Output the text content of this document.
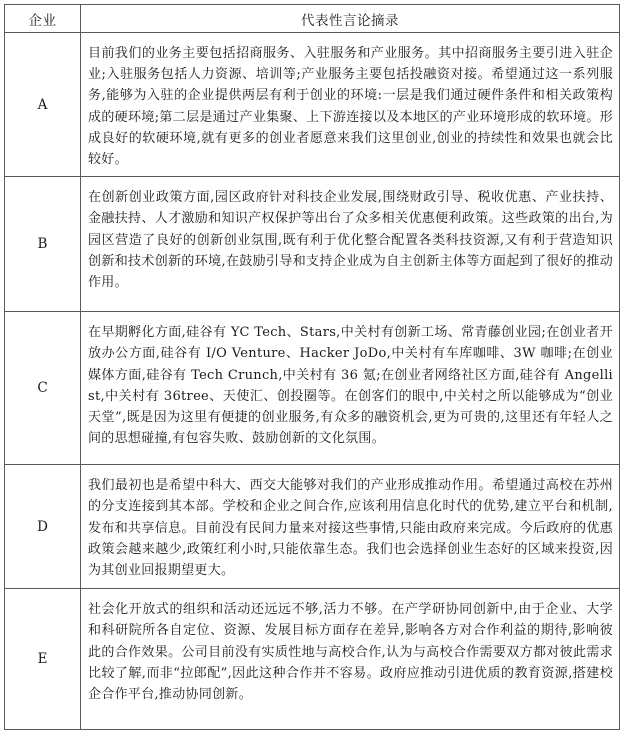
企业	代表性言论摘录
A	目前我们的业务主要包括招商服务、入驻服务和产业服务。其中招商服务主要引进入驻企业;入驻服务包括人力资源、培训等;产业服务主要包括投融资对接。希望通过这一系列服务,能够为入驻的企业提供两层有利于创业的环境:一层是我们通过硬件条件和相关政策构成的硬环境;第二层是通过产业集聚、上下游连接以及本地区的产业环境形成的软环境。形成良好的软硬环境,就有更多的创业者愿意来我们这里创业,创业的持续性和效果也就会比较好。
B	在创新创业政策方面,园区政府针对科技企业发展,围绕财政引导、税收优惠、产业扶持、金融扶持、人才激励和知识产权保护等出台了众多相关优惠便利政策。这些政策的出台,为园区营造了良好的创新创业氛围,既有利于优化整合配置各类科技资源,又有利于营造知识创新和技术创新的环境,在鼓励引导和支持企业成为自主创新主体等方面起到了很好的推动作用。
C	在早期孵化方面,硅谷有 YC Tech、Stars,中关村有创新工场、常青藤创业园;在创业者开放办公方面,硅谷有 I/O Venture、Hacker JoDo,中关村有车库咖啡、3W 咖啡;在创业媒体方面,硅谷有 Tech Crunch,中关村有 36 氪;在创业者网络社区方面,硅谷有 Angellist,中关村有 36tree、天使汇、创投圈等。在创客们的眼中,中关村之所以能够成为“创业天堂”,既是因为这里有便捷的创业服务,有众多的融资机会,更为可贵的,这里还有年轻人之间的思想碰撞,有包容失败、鼓励创新的文化氛围。
D	我们最初也是希望中科大、西交大能够对我们的产业形成推动作用。希望通过高校在苏州的分支连接到其本部。学校和企业之间合作,应该利用信息化时代的优势,建立平台和机制,发布和共享信息。目前没有民间力量来对接这些事情,只能由政府来完成。今后政府的优惠政策会越来越少,政策红利小时,只能依靠生态。我们也会选择创业生态好的区域来投资,因为其创业回报期望更大。
E	社会化开放式的组织和活动还远远不够,活力不够。在产学研协同创新中,由于企业、大学和科研院所各自定位、资源、发展目标方面存在差异,影响各方对合作利益的期待,影响彼此的合作效果。公司目前没有实质性地与高校合作,认为与高校合作需要双方都对彼此需求比较了解,而非“拉郎配”,因此这种合作并不容易。政府应推动引进优质的教育资源,搭建校企合作平台,推动协同创新。
